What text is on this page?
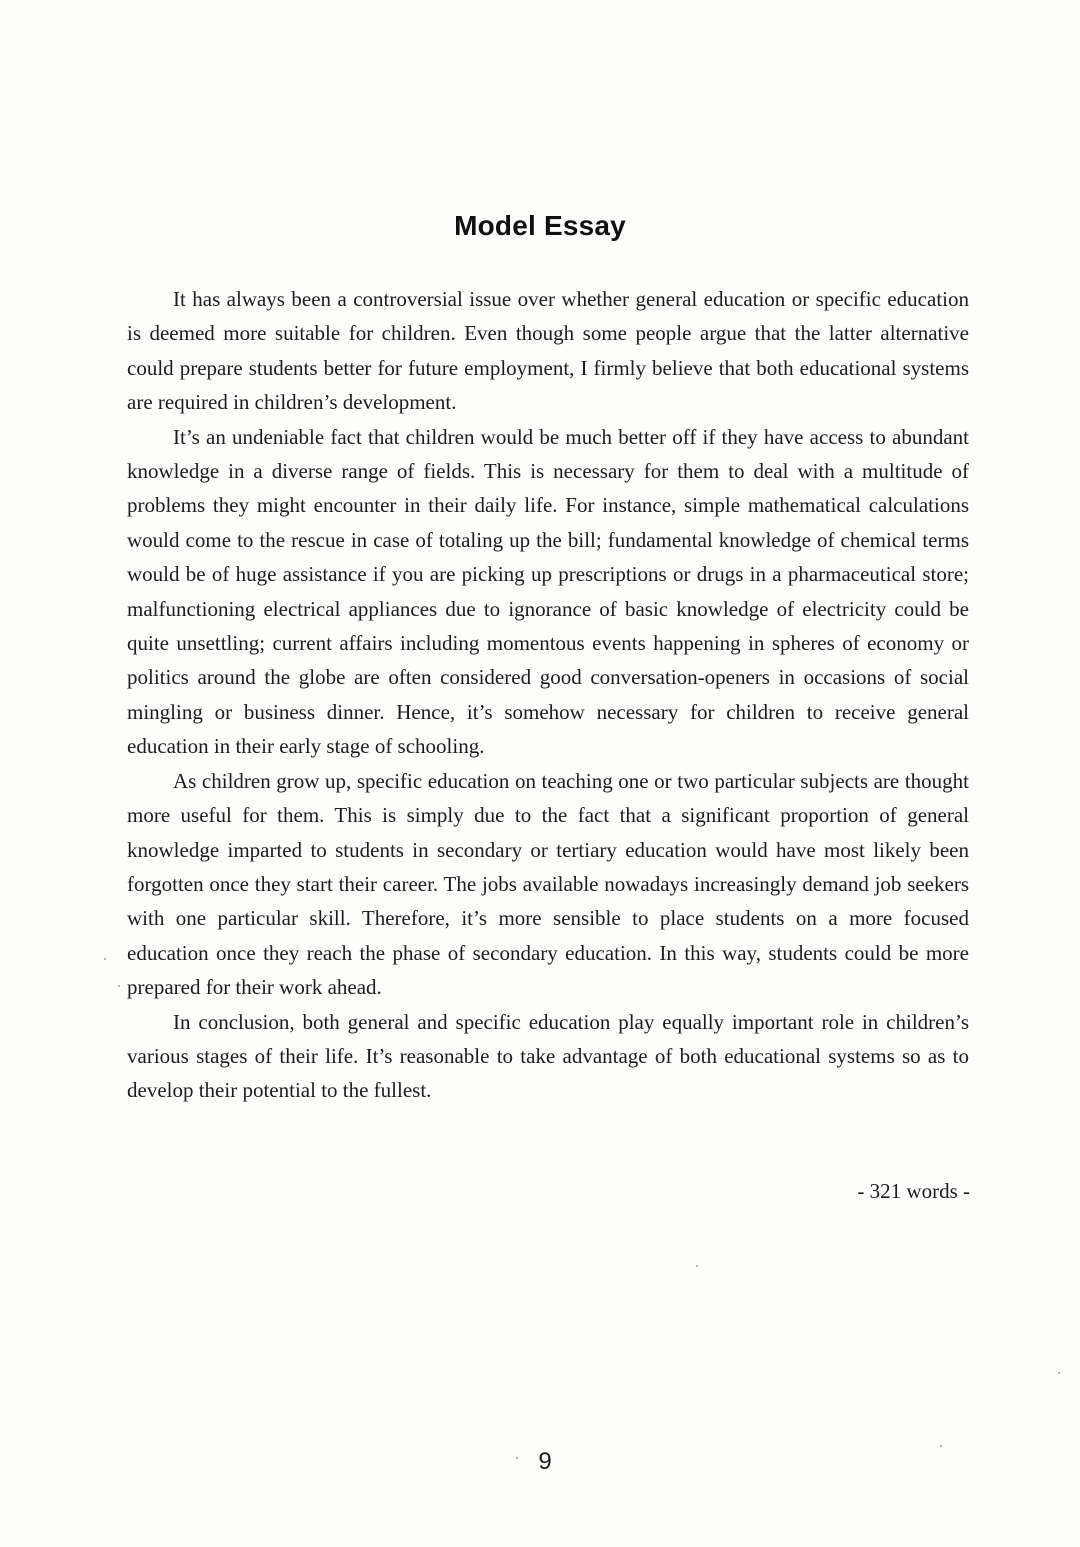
Model Essay

It has always been a controversial issue over whether general education or specific education is deemed more suitable for children. Even though some people argue that the latter alternative could prepare students better for future employment, I firmly believe that both educational systems are required in children’s development.

It’s an undeniable fact that children would be much better off if they have access to abundant knowledge in a diverse range of fields. This is necessary for them to deal with a multitude of problems they might encounter in their daily life. For instance, simple mathematical calculations would come to the rescue in case of totaling up the bill; fundamental knowledge of chemical terms would be of huge assistance if you are picking up prescriptions or drugs in a pharmaceutical store; malfunctioning electrical appliances due to ignorance of basic knowledge of electricity could be quite unsettling; current affairs including momentous events happening in spheres of economy or politics around the globe are often considered good conversation-openers in occasions of social mingling or business dinner. Hence, it’s somehow necessary for children to receive general education in their early stage of schooling.

As children grow up, specific education on teaching one or two particular subjects are thought more useful for them. This is simply due to the fact that a significant proportion of general knowledge imparted to students in secondary or tertiary education would have most likely been forgotten once they start their career. The jobs available nowadays increasingly demand job seekers with one particular skill. Therefore, it’s more sensible to place students on a more focused education once they reach the phase of secondary education. In this way, students could be more prepared for their work ahead.

In conclusion, both general and specific education play equally important role in children’s various stages of their life. It’s reasonable to take advantage of both educational systems so as to develop their potential to the fullest.

- 321 words -
9
